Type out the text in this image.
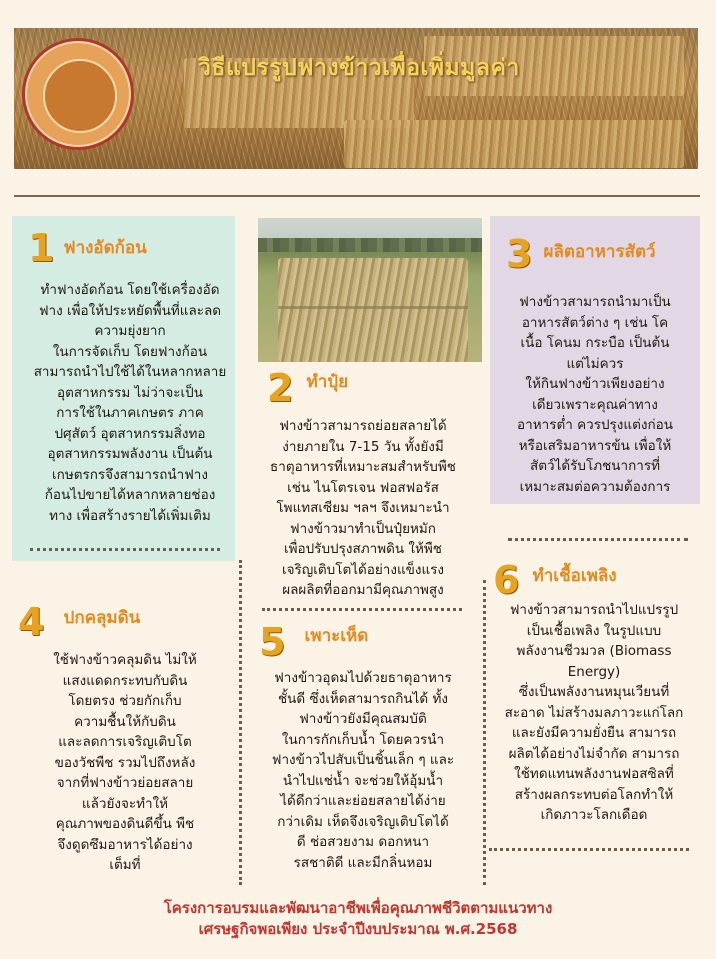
วิธีแปรรูปฟางข้าวเพื่อเพิ่มมูลค่า
1 ฟางอัดก้อน
ทำฟางอัดก้อน โดยใช้เครื่องอัด
ฟาง เพื่อให้ประหยัดพื้นที่และลด
ความยุ่งยาก
ในการจัดเก็บ โดยฟางก้อน
สามารถนำไปใช้ได้ในหลากหลาย
อุตสาหกรรม ไม่ว่าจะเป็น
การใช้ในภาคเกษตร ภาค
ปศุสัตว์ อุตสาหกรรมสิ่งทอ
อุตสาหกรรมพลังงาน เป็นต้น
เกษตรกรจึงสามารถนำฟาง
ก้อนไปขายได้หลากหลายช่อง
ทาง เพื่อสร้างรายได้เพิ่มเติม
2 ทำปุ๋ย
ฟางข้าวสามารถย่อยสลายได้
ง่ายภายใน 7-15 วัน ทั้งยังมี
ธาตุอาหารที่เหมาะสมสำหรับพืช
เช่น ไนโตรเจน ฟอสฟอรัส
โพแทสเซียม ฯลฯ จึงเหมาะนำ
ฟางข้าวมาทำเป็นปุ๋ยหมัก
เพื่อปรับปรุงสภาพดิน ให้พืช
เจริญเติบโตได้อย่างแข็งแรง
ผลผลิตที่ออกมามีคุณภาพสูง
3 ผลิตอาหารสัตว์
ฟางข้าวสามารถนำมาเป็น
อาหารสัตว์ต่าง ๆ เช่น โค
เนื้อ โคนม กระบือ เป็นต้น
แต่ไม่ควร
ให้กินฟางข้าวเพียงอย่าง
เดียวเพราะคุณค่าทาง
อาหารต่ำ ควรปรุงแต่งก่อน
หรือเสริมอาหารข้น เพื่อให้
สัตว์ได้รับโภชนาการที่
เหมาะสมต่อความต้องการ
4 ปกคลุมดิน
ใช้ฟางข้าวคลุมดิน ไม่ให้
แสงแดดกระทบกับดิน
โดยตรง ช่วยกักเก็บ
ความชื้นให้กับดิน
และลดการเจริญเติบโต
ของวัชพืช รวมไปถึงหลัง
จากที่ฟางข้าวย่อยสลาย
แล้วยังจะทำให้
คุณภาพของดินดีขึ้น พืช
จึงดูดซึมอาหารได้อย่าง
เต็มที่
5 เพาะเห็ด
ฟางข้าวอุดมไปด้วยธาตุอาหาร
ชั้นดี ซึ่งเห็ดสามารถกินได้ ทั้ง
ฟางข้าวยังมีคุณสมบัติ
ในการกักเก็บน้ำ โดยควรนำ
ฟางข้าวไปสับเป็นชิ้นเล็ก ๆ และ
นำไปแช่น้ำ จะช่วยให้อุ้มน้ำ
ได้ดีกว่าและย่อยสลายได้ง่าย
กว่าเดิม เห็ดจึงเจริญเติบโตได้
ดี ช่อสวยงาม ดอกหนา
รสชาติดี และมีกลิ่นหอม
6 ทำเชื้อเพลิง
ฟางข้าวสามารถนำไปแปรรูป
เป็นเชื้อเพลิง ในรูปแบบ
พลังงานชีวมวล (Biomass
Energy)
ซึ่งเป็นพลังงานหมุนเวียนที่
สะอาด ไม่สร้างมลภาวะแก่โลก
และยังมีความยั่งยืน สามารถ
ผลิตได้อย่างไม่จำกัด สามารถ
ใช้ทดแทนพลังงานฟอสซิลที่
สร้างผลกระทบต่อโลกทำให้
เกิดภาวะโลกเดือด
โครงการอบรมและพัฒนาอาชีพเพื่อคุณภาพชีวิตตามแนวทาง
เศรษฐกิจพอเพียง ประจำปีงบประมาณ พ.ศ.2568
